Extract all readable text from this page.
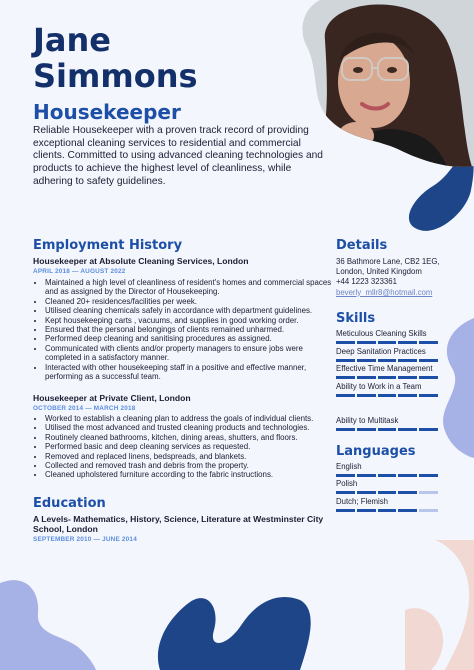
Jane
Simmons
Housekeeper

Reliable Housekeeper with a proven track record of providing exceptional cleaning services to residential and commercial clients. Committed to using advanced cleaning technologies and products to achieve the highest level of cleanliness, while adhering to safety guidelines.

Employment History

Housekeeper at Absolute Cleaning Services, London

APRIL 2018 — AUGUST 2022

• Maintained a high level of cleanliness of resident's homes and commercial spaces and as assigned by the Director of Housekeeping.
• Cleaned 20+ residences/facilities per week.
• Utilised cleaning chemicals safely in accordance with department guidelines.
• Kept housekeeping carts , vacuums, and supplies in good working order.
• Ensured that the personal belongings of clients remained unharmed.
• Performed deep cleaning and sanitising procedures as assigned.
• Communicated with clients and/or property managers to ensure jobs were completed in a satisfactory manner.
• Interacted with other housekeeping staff in a positive and effective manner, performing as a successful team.

Housekeeper at Private Client, London

OCTOBER 2014 — MARCH 2018

• Worked to establish a cleaning plan to address the goals of individual clients.
• Utilised the most advanced and trusted cleaning products and technologies.
• Routinely cleaned bathrooms, kitchen, dining areas, shutters, and floors.
• Performed basic and deep cleaning services as requested.
• Removed and replaced linens, bedspreads, and blankets.
• Collected and removed trash and debris from the property.
• Cleaned upholstered furniture according to the fabric instructions.
Education

A Levels- Mathematics, History, Science, Literature at Westminster City School, London

SEPTEMBER 2010 — JUNE 2014

Details

36 Bathmore Lane, CB2 1EG,

London, United Kingdom

+44 1223 323361

beverly_mllr8@hotmail.com

Skills
Meticulous Cleaning Skills
Deep Sanitation Practices
Effective Time Management
Ability to Work in a Team
Ability to Multitask
Languages
English
Polish
Dutch; Flemish
